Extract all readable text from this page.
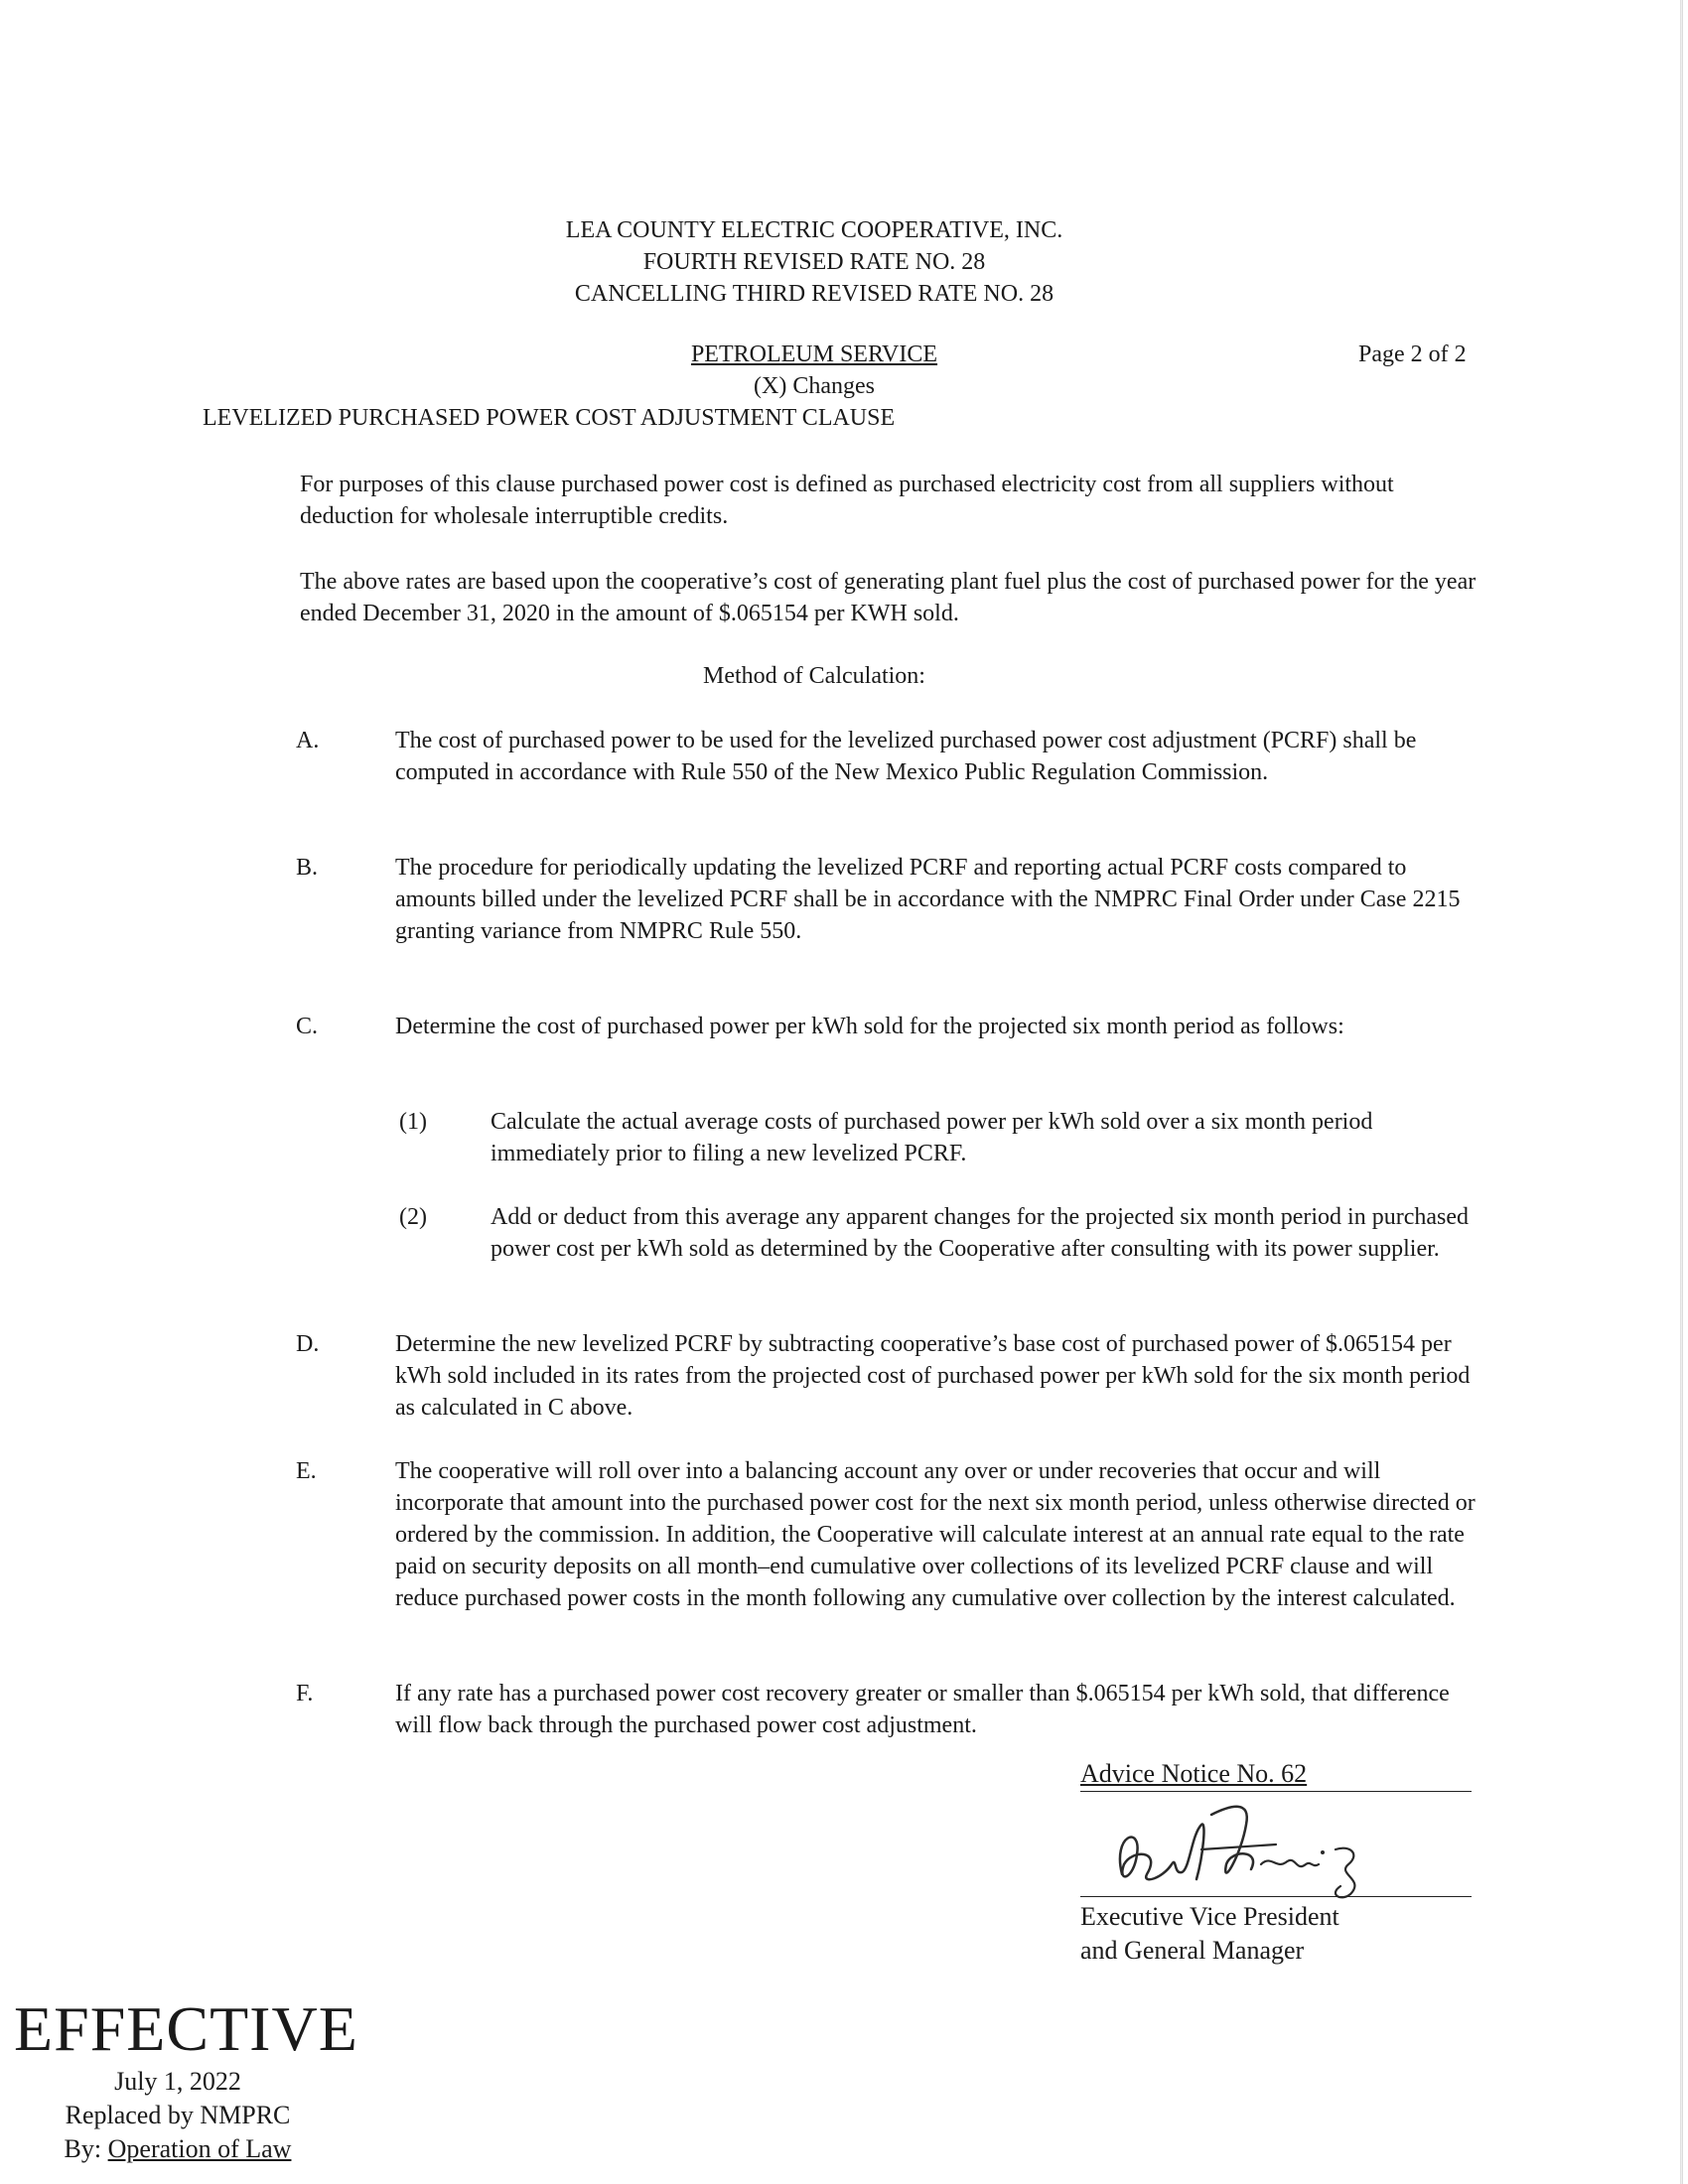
LEA COUNTY ELECTRIC COOPERATIVE, INC.
FOURTH REVISED RATE NO. 28
CANCELLING THIRD REVISED RATE NO. 28
PETROLEUM SERVICE	Page 2 of 2
(X) Changes
LEVELIZED PURCHASED POWER COST ADJUSTMENT CLAUSE
For purposes of this clause purchased power cost is defined as purchased electricity cost from all suppliers without deduction for wholesale interruptible credits.
The above rates are based upon the cooperative’s cost of generating plant fuel plus the cost of purchased power for the year ended December 31, 2020 in the amount of $.065154 per KWH sold.
Method of Calculation:
A.	The cost of purchased power to be used for the levelized purchased power cost adjustment (PCRF) shall be computed in accordance with Rule 550 of the New Mexico Public Regulation Commission.
B.	The procedure for periodically updating the levelized PCRF and reporting actual PCRF costs compared to amounts billed under the levelized PCRF shall be in accordance with the NMPRC Final Order under Case 2215 granting variance from NMPRC Rule 550.
C.	Determine the cost of purchased power per kWh sold for the projected six month period as follows:
(1)	Calculate the actual average costs of purchased power per kWh sold over a six month period immediately prior to filing a new levelized PCRF.
(2)	Add or deduct from this average any apparent changes for the projected six month period in purchased power cost per kWh sold as determined by the Cooperative after consulting with its power supplier.
D.	Determine the new levelized PCRF by subtracting cooperative’s base cost of purchased power of $.065154 per kWh sold included in its rates from the projected cost of purchased power per kWh sold for the six month period as calculated in C above.
E.	The cooperative will roll over into a balancing account any over or under recoveries that occur and will incorporate that amount into the purchased power cost for the next six month period, unless otherwise directed or ordered by the commission. In addition, the Cooperative will calculate interest at an annual rate equal to the rate paid on security deposits on all month–end cumulative over collections of its levelized PCRF clause and will reduce purchased power costs in the month following any cumulative over collection by the interest calculated.
F.	If any rate has a purchased power cost recovery greater or smaller than $.065154 per kWh sold, that difference will flow back through the purchased power cost adjustment.
Advice Notice No. 62
Executive Vice President
and General Manager
EFFECTIVE
July 1, 2022
Replaced by NMPRC
By: Operation of Law
